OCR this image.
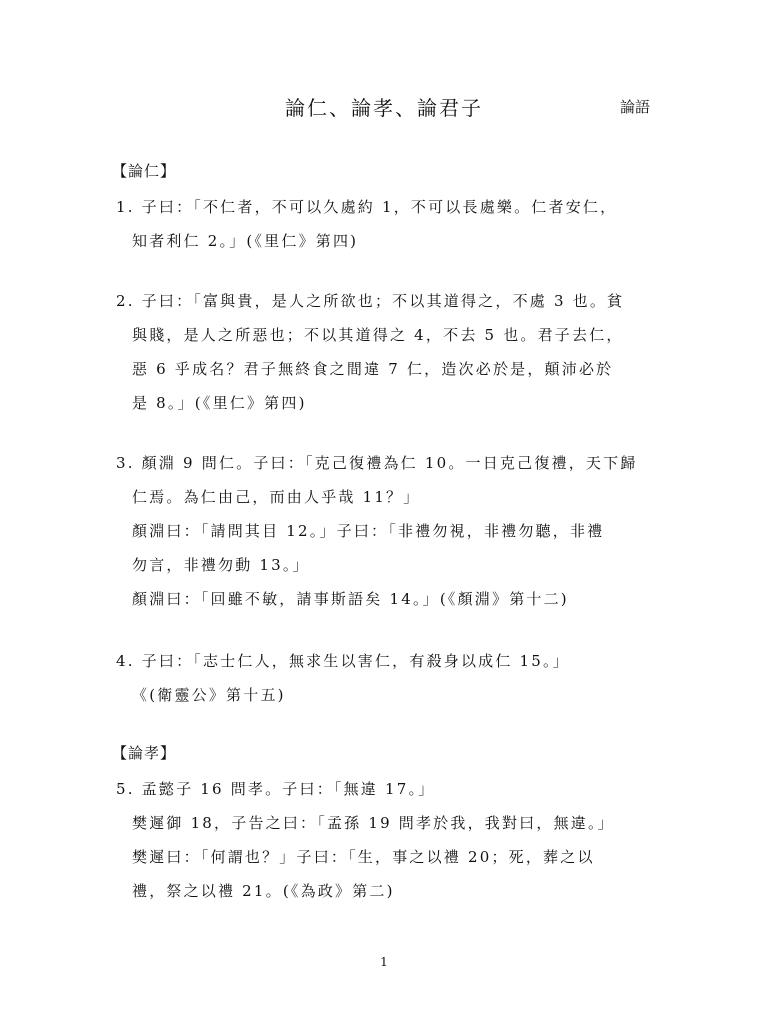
論仁、論孝、論君子	論語
【論仁】
1. 子曰：「不仁者，不可以久處約 1，不可以長處樂。仁者安仁，
知者利仁 2。」(《里仁》第四)
2. 子曰：「富與貴，是人之所欲也；不以其道得之，不處 3 也。貧
與賤，是人之所惡也；不以其道得之 4，不去 5 也。君子去仁，
惡 6 乎成名？君子無終食之間違 7 仁，造次必於是，顛沛必於
是 8。」(《里仁》第四)
3. 顏淵 9 問仁。子曰：「克己復禮為仁 10。一日克己復禮，天下歸
仁焉。為仁由己，而由人乎哉 11？」
顏淵曰：「請問其目 12。」子曰：「非禮勿視，非禮勿聽，非禮
勿言，非禮勿動 13。」
顏淵曰：「回雖不敏，請事斯語矣 14。」(《顏淵》第十二)
4. 子曰：「志士仁人，無求生以害仁，有殺身以成仁 15。」
《(衛靈公》第十五)
【論孝】
5. 孟懿子 16 問孝。子曰：「無違 17。」
樊遲御 18，子告之曰：「孟孫 19 問孝於我，我對曰，無違。」
樊遲曰：「何謂也？」子曰：「生，事之以禮 20；死，葬之以
禮，祭之以禮 21。(《為政》第二)
1
